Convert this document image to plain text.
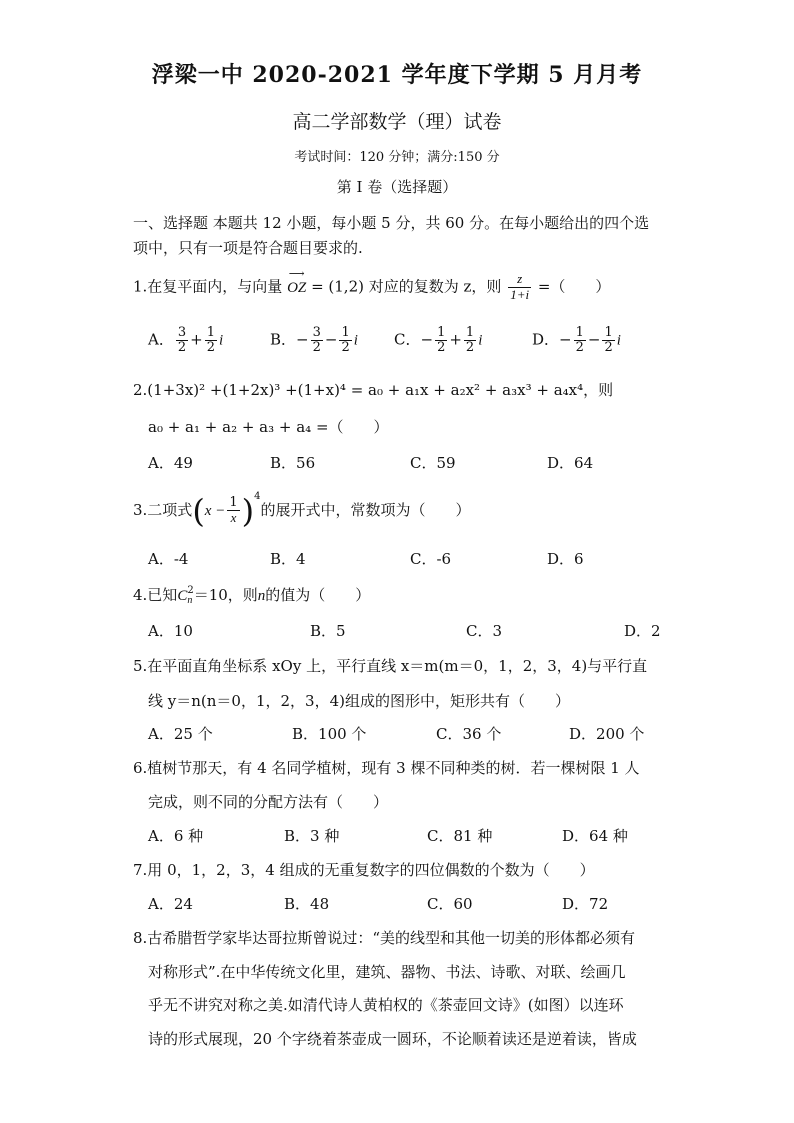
浮梁一中 2020-2021 学年度下学期 5 月月考
高二学部数学（理）试卷
考试时间：120 分钟；满分:150 分
第 I 卷（选择题）
一、选择题 本题共 12 小题，每小题 5 分，共 60 分。在每小题给出的四个选
项中，只有一项是符合题目要求的.
1.在复平面内，与向量
⟶
OZ = (1,2) 对应的复数为 z，则 $\frac{z}{1+i}$ =（　　）
A． $\frac{3}{2} + \frac{1}{2}$ i	B．− $\frac{3}{2} - \frac{1}{2}$ i C．− $\frac{1}{2} + \frac{1}{2}$ i	D．− $\frac{1}{2} - \frac{1}{2}$ i
2.(1+3x)² +(1+2x)³ +(1+x)⁴ = a₀ + a₁x + a₂x² + a₃x³ + a₄x⁴，则
a₀ + a₁ + a₂ + a₃ + a₄ =（　　）
A．49	B．56	C．59	D．64
3.二项式$(x - \frac{1}{x} )^4$的展开式中，常数项为（　　）
A．-4	B．4	C．-6	D．6
4.已知C 2
n ＝10，则n的值为（　　）
A．10	B．5	C．3	D．2
5.在平面直角坐标系 xOy 上，平行直线 x＝m(m＝0，1，2，3，4)与平行直
线 y＝n(n＝0，1，2，3，4)组成的图形中，矩形共有（　　）
A．25 个	B．100 个	C．36 个	D．200 个
6.植树节那天，有 4 名同学植树，现有 3 棵不同种类的树．若一棵树限 1 人
完成，则不同的分配方法有（　　）
A．6 种	B．3 种	C．81 种	D．64 种
7.用 0，1，2，3，4 组成的无重复数字的四位偶数的个数为（　　）
A．24	B．48	C．60	D．72
8.古希腊哲学家毕达哥拉斯曾说过：“美的线型和其他一切美的形体都必须有
对称形式”.在中华传统文化里，建筑、器物、书法、诗歌、对联、绘画几
乎无不讲究对称之美.如清代诗人黄柏权的《茶壶回文诗》(如图）以连环
诗的形式展现，20 个字绕着茶壶成一圆环，不论顺着读还是逆着读，皆成
